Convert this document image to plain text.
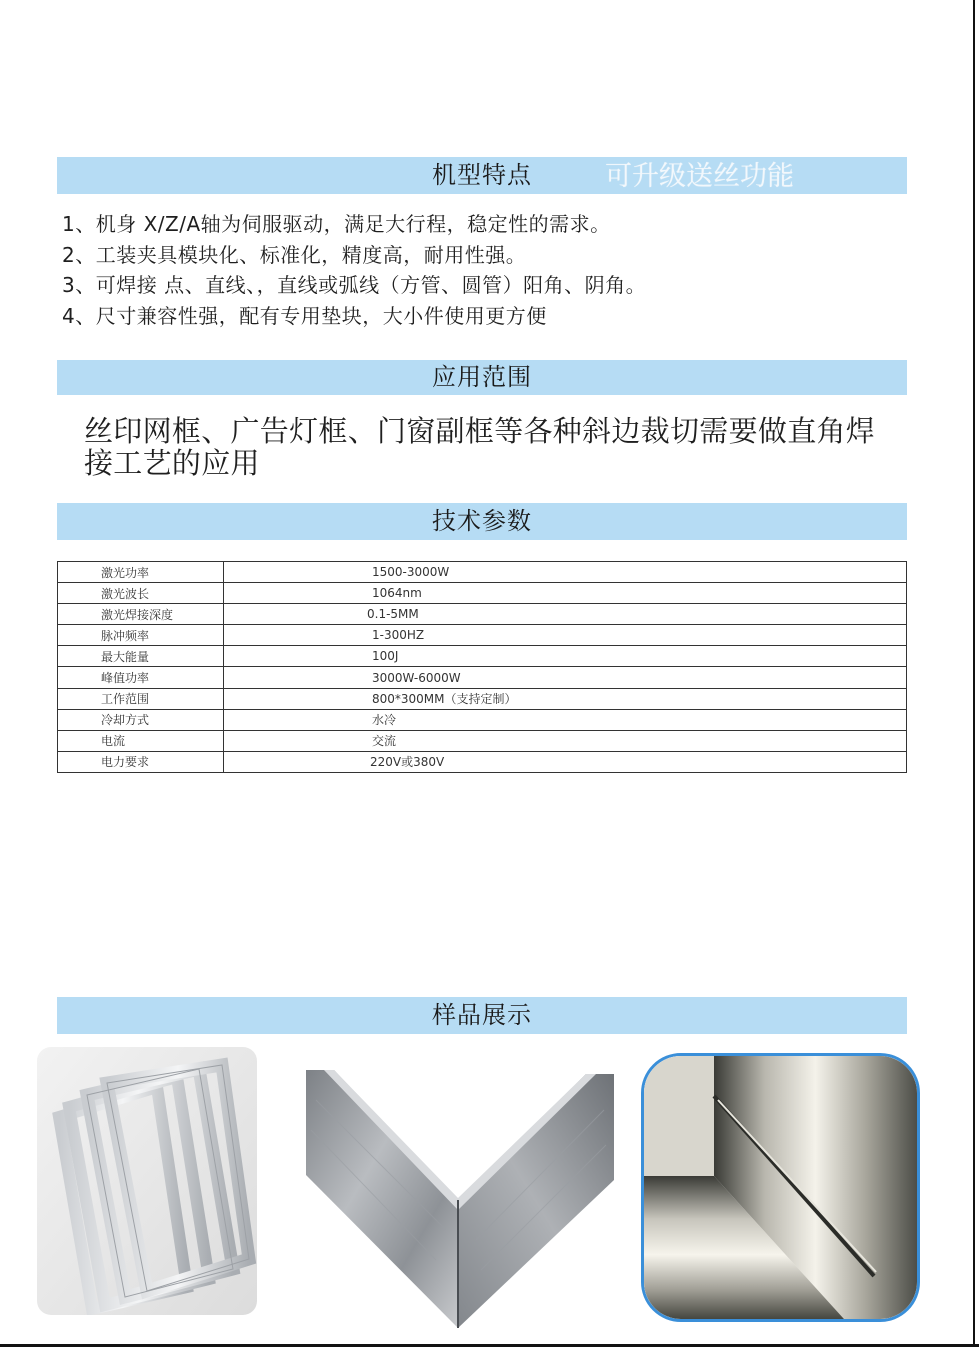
机型特点	可升级送丝功能
1、机身 X/Z/A轴为伺服驱动，满足大行程，稳定性的需求。
2、工装夹具模块化、标准化，精度高，耐用性强。
3、可焊接 点、直线、，直线或弧线（方管、圆管）阳角、阴角。
4、尺寸兼容性强，配有专用垫块，大小件使用更方便
应用范围
丝印网框、广告灯框、门窗副框等各种斜边裁切需要做直角焊接工艺的应用
技术参数
激光功率	1500-3000W
激光波长	1064nm
激光焊接深度	0.1-5MM
脉冲频率	1-300HZ
最大能量	100J
峰值功率	3000W-6000W
工作范围	800*300MM（支持定制）
冷却方式	水冷
电流	交流
电力要求	220V或380V
样品展示
